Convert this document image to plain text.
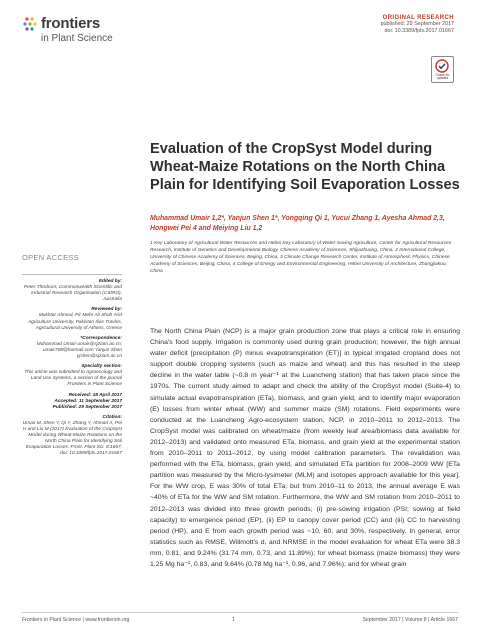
frontiers
in Plant Science
ORIGINAL RESEARCH
published: 29 September 2017
doi: 10.3389/fpls.2017.01667
Check for updates
Evaluation of the CropSyst Model during Wheat-Maize Rotations on the North China Plain for Identifying Soil Evaporation Losses
Muhammad Umair 1,2*, Yanjun Shen 1*, Yongqing Qi 1, Yucui Zhang 1, Ayesha Ahmad 2,3, Hongwei Pei 4 and Meiying Liu 1,2
1 Key Laboratory of Agricultural Water Resources and Hebei Key Laboratory of Water-Saving Agriculture, Center for Agricultural Resources Research, Institute of Genetics and Developmental Biology, Chinese Academy of Sciences, Shijiazhuang, China, 2 International College, University of Chinese Academy of Sciences, Beijing, China, 3 Climate Change Research Center, Institute of Atmospheric Physics, Chinese Academy of Sciences, Beijing, China, 4 College of Energy and Environmental Engineering, Hebei University of Architecture, Zhangjiakou, China
OPEN ACCESS
Edited by:
Peter Thorburn, Commonwealth Scientific and Industrial Research Organisation (CSIRO), Australia
Reviewed by:
Mukhtar Ahmed, Pir Mehr Ali Shah Arid Agriculture University, Pakistan Ilias Travlos, Agricultural University of Athens, Greece
*Correspondence:
Muhammad Umair umair@sjziam.ac.cn; umair708@hotmail.com Yanjun Shen yjshen@sjziam.ac.cn
Specialty section:
This article was submitted to Agroecology and Land Use Systems, a section of the journal Frontiers in Plant Science
Received: 18 April 2017
Accepted: 11 September 2017
Published: 29 September 2017
Citation:
Umair M, Shen Y, Qi Y, Zhang Y, Ahmad A, Pei H and Liu M (2017) Evaluation of the CropSyst Model during Wheat-Maize Rotations on the North China Plain for Identifying Soil Evaporation Losses. Front. Plant Sci. 8:1667. doi: 10.3389/fpls.2017.01667
The North China Plain (NCP) is a major grain production zone that plays a critical role in ensuring China's food supply. Irrigation is commonly used during grain production; however, the high annual water deficit [precipitation (P) minus evapotranspiration (ET)] in typical irrigated cropland does not support double cropping systems (such as maize and wheat) and this has resulted in the steep decline in the water table (~0.8 m year⁻¹ at the Luancheng station) that has taken place since the 1970s. The current study aimed to adapt and check the ability of the CropSyst model (Suite-4) to simulate actual evapotranspiration (ETa), biomass, and grain yield, and to identify major evaporation (E) losses from winter wheat (WW) and summer maize (SM) rotations. Field experiments were conducted at the Luancheng Agro-ecosystem station, NCP, in 2010–2011 to 2012–2013. The CropSyst model was calibrated on wheat/maize (from weekly leaf area/biomass data available for 2012–2013) and validated onto measured ETa, biomass, and grain yield at the experimental station from 2010–2011 to 2011–2012, by using model calibration parameters. The revalidation was performed with the ETa, biomass, grain yield, and simulated ETa partition for 2008–2009 WW [ETa partition was measured by the Micro-lysimeter (MLM) and isotopes approach available for this year]. For the WW crop, E was 30% of total ETa; but from 2010–11 to 2013, the annual average E was ~40% of ETa for the WW and SM rotation. Furthermore, the WW and SM rotation from 2010–2011 to 2012–2013 was divided into three growth periods; (i) pre-sowing irrigation (PSI; sowing at field capacity) to emergence period (EP), (ii) EP to canopy cover period (CC) and (iii) CC to harvesting period (HP), and E from each growth period was ~10, 60, and 30%, respectively. In general, error statistics such as RMSE, Willmott's d, and NRMSE in the model evaluation for wheat ETa were 38.3 mm, 0.81, and 9.24% (31.74 mm, 0.73, and 11.89%); for wheat biomass (maize biomass) they were 1.25 Mg ha⁻¹, 0.83, and 9.64% (0.78 Mg ha⁻¹, 0.96, and 7.96%); and for wheat grain
Frontiers in Plant Science | www.frontiersin.org	1	September 2017 | Volume 8 | Article 1667
